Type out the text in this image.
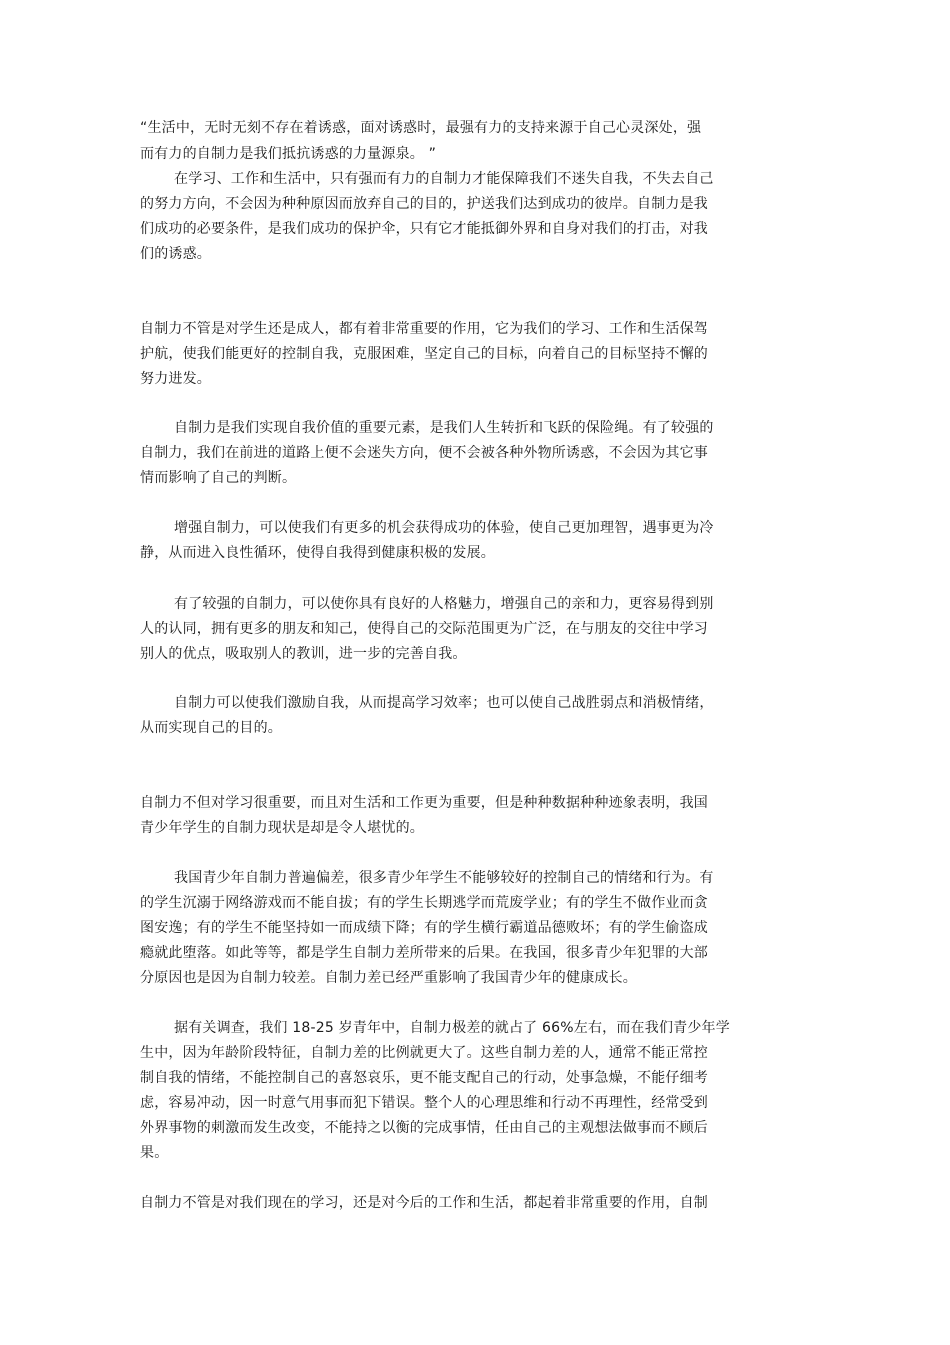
“生活中，无时无刻不存在着诱惑，面对诱惑时，最强有力的支持来源于自己心灵深处，强
而有力的自制力是我们抵抗诱惑的力量源泉。 ”
在学习、工作和生活中，只有强而有力的自制力才能保障我们不迷失自我，不失去自己
的努力方向，不会因为种种原因而放弃自己的目的，护送我们达到成功的彼岸。自制力是我
们成功的必要条件，是我们成功的保护伞，只有它才能抵御外界和自身对我们的打击，对我
们的诱惑。
自制力不管是对学生还是成人，都有着非常重要的作用，它为我们的学习、工作和生活保驾
护航，使我们能更好的控制自我，克服困难，坚定自己的目标，向着自己的目标坚持不懈的
努力进发。
自制力是我们实现自我价值的重要元素，是我们人生转折和飞跃的保险绳。有了较强的
自制力，我们在前进的道路上便不会迷失方向，便不会被各种外物所诱惑，不会因为其它事
情而影响了自己的判断。
增强自制力，可以使我们有更多的机会获得成功的体验，使自己更加理智，遇事更为冷
静，从而进入良性循环，使得自我得到健康积极的发展。
有了较强的自制力，可以使你具有良好的人格魅力，增强自己的亲和力，更容易得到别
人的认同，拥有更多的朋友和知己，使得自己的交际范围更为广泛，在与朋友的交往中学习
别人的优点，吸取别人的教训，进一步的完善自我。
自制力可以使我们激励自我，从而提高学习效率；也可以使自己战胜弱点和消极情绪，
从而实现自己的目的。
自制力不但对学习很重要，而且对生活和工作更为重要，但是种种数据种种迹象表明，我国
青少年学生的自制力现状是却是令人堪忧的。
我国青少年自制力普遍偏差，很多青少年学生不能够较好的控制自己的情绪和行为。有
的学生沉溺于网络游戏而不能自拔；有的学生长期逃学而荒废学业；有的学生不做作业而贪
图安逸；有的学生不能坚持如一而成绩下降；有的学生横行霸道品德败坏；有的学生偷盗成
瘾就此堕落。如此等等，都是学生自制力差所带来的后果。在我国，很多青少年犯罪的大部
分原因也是因为自制力较差。自制力差已经严重影响了我国青少年的健康成长。
据有关调查，我们 18-25 岁青年中，自制力极差的就占了 66%左右，而在我们青少年学
生中，因为年龄阶段特征，自制力差的比例就更大了。这些自制力差的人，通常不能正常控
制自我的情绪，不能控制自己的喜怒哀乐，更不能支配自己的行动，处事急燥，不能仔细考
虑，容易冲动，因一时意气用事而犯下错误。整个人的心理思维和行动不再理性，经常受到
外界事物的刺激而发生改变，不能持之以衡的完成事情，任由自己的主观想法做事而不顾后
果。
自制力不管是对我们现在的学习，还是对今后的工作和生活，都起着非常重要的作用，自制
